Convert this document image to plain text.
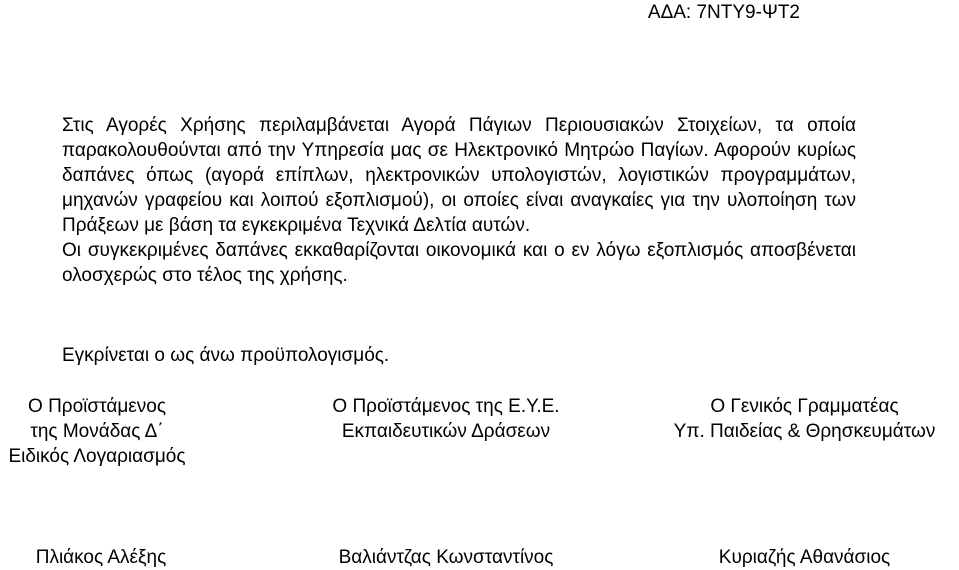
ΑΔΑ: 7ΝΤΥ9-ΨΤ2

Στις Αγορές Χρήσης περιλαμβάνεται Αγορά Πάγιων Περιουσιακών Στοιχείων, τα οποία παρακολουθούνται από την Υπηρεσία μας σε Ηλεκτρονικό Μητρώο Παγίων. Αφορούν κυρίως δαπάνες όπως (αγορά επίπλων, ηλεκτρονικών υπολογιστών, λογιστικών προγραμμάτων, μηχανών γραφείου και λοιπού εξοπλισμού), οι οποίες είναι αναγκαίες για την υλοποίηση των Πράξεων με βάση τα εγκεκριμένα Τεχνικά Δελτία αυτών.

Οι συγκεκριμένες δαπάνες εκκαθαρίζονται οικονομικά και ο εν λόγω εξοπλισμός αποσβένεται ολοσχερώς στο τέλος της χρήσης.

Εγκρίνεται ο ως άνω προϋπολογισμός.
Ο Προϊστάμενος
της Μονάδας Δ΄
Ειδικός Λογαριασμός
Ο Προϊστάμενος της Ε.Υ.Ε.
Εκπαιδευτικών Δράσεων
Ο Γενικός Γραμματέας
Υπ. Παιδείας & Θρησκευμάτων
Πλιάκος Αλέξης	Βαλιάντζας Κωνσταντίνος	Κυριαζής Αθανάσιος
